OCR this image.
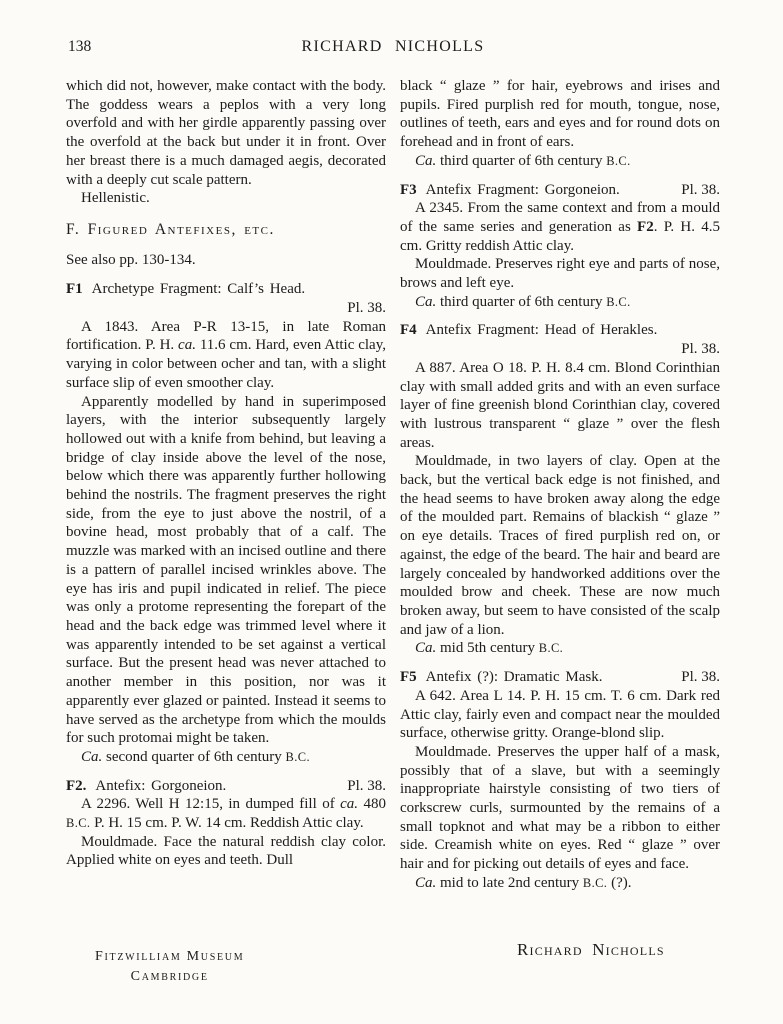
138	RICHARD NICHOLLS

which did not, however, make contact with the body. The goddess wears a peplos with a very long overfold and with her girdle apparently passing over the overfold at the back but under it in front. Over her breast there is a much damaged aegis, decorated with a deeply cut scale pattern.

Hellenistic.

F. Figured Antefixes, etc.

See also pp. 130-134.

F1 Archetype Fragment: Calf’s Head.
Pl. 38.

A 1843. Area P-R 13-15, in late Roman fortification. P. H. ca. 11.6 cm. Hard, even Attic clay, varying in color between ocher and tan, with a slight surface slip of even smoother clay.

Apparently modelled by hand in superimposed layers, with the interior subsequently largely hollowed out with a knife from behind, but leaving a bridge of clay inside above the level of the nose, below which there was apparently further hollowing behind the nostrils. The fragment preserves the right side, from the eye to just above the nostril, of a bovine head, most probably that of a calf. The muzzle was marked with an incised outline and there is a pattern of parallel incised wrinkles above. The eye has iris and pupil indicated in relief. The piece was only a protome representing the forepart of the head and the back edge was trimmed level where it was apparently intended to be set against a vertical surface. But the present head was never attached to another member in this position, nor was it apparently ever glazed or painted. Instead it seems to have served as the archetype from which the moulds for such protomai might be taken.

Ca. second quarter of 6th century B.C.

F2. Antefix: Gorgoneion.	Pl. 38.

A 2296. Well H 12:15, in dumped fill of ca. 480 B.C. P. H. 15 cm. P. W. 14 cm. Reddish Attic clay.

Mouldmade. Face the natural reddish clay color. Applied white on eyes and teeth. Dull

black “ glaze ” for hair, eyebrows and irises and pupils. Fired purplish red for mouth, tongue, nose, outlines of teeth, ears and eyes and for round dots on forehead and in front of ears.

Ca. third quarter of 6th century B.C.

F3 Antefix Fragment: Gorgoneion.	Pl. 38.

A 2345. From the same context and from a mould of the same series and generation as F2. P. H. 4.5 cm. Gritty reddish Attic clay.

Mouldmade. Preserves right eye and parts of nose, brows and left eye.

Ca. third quarter of 6th century B.C.

F4 Antefix Fragment: Head of Herakles.
Pl. 38.

A 887. Area O 18. P. H. 8.4 cm. Blond Corinthian clay with small added grits and with an even surface layer of fine greenish blond Corinthian clay, covered with lustrous transparent “ glaze ” over the flesh areas.

Mouldmade, in two layers of clay. Open at the back, but the vertical back edge is not finished, and the head seems to have broken away along the edge of the moulded part. Remains of blackish “ glaze ” on eye details. Traces of fired purplish red on, or against, the edge of the beard. The hair and beard are largely concealed by handworked additions over the moulded brow and cheek. These are now much broken away, but seem to have consisted of the scalp and jaw of a lion.

Ca. mid 5th century B.C.

F5 Antefix (?): Dramatic Mask.	Pl. 38.

A 642. Area L 14. P. H. 15 cm. T. 6 cm. Dark red Attic clay, fairly even and compact near the moulded surface, otherwise gritty. Orange-blond slip.

Mouldmade. Preserves the upper half of a mask, possibly that of a slave, but with a seemingly inappropriate hairstyle consisting of two tiers of corkscrew curls, surmounted by the remains of a small topknot and what may be a ribbon to either side. Creamish white on eyes. Red “ glaze ” over hair and for picking out details of eyes and face.

Ca. mid to late 2nd century B.C. (?).

Fitzwilliam Museum
Cambridge
Richard Nicholls
